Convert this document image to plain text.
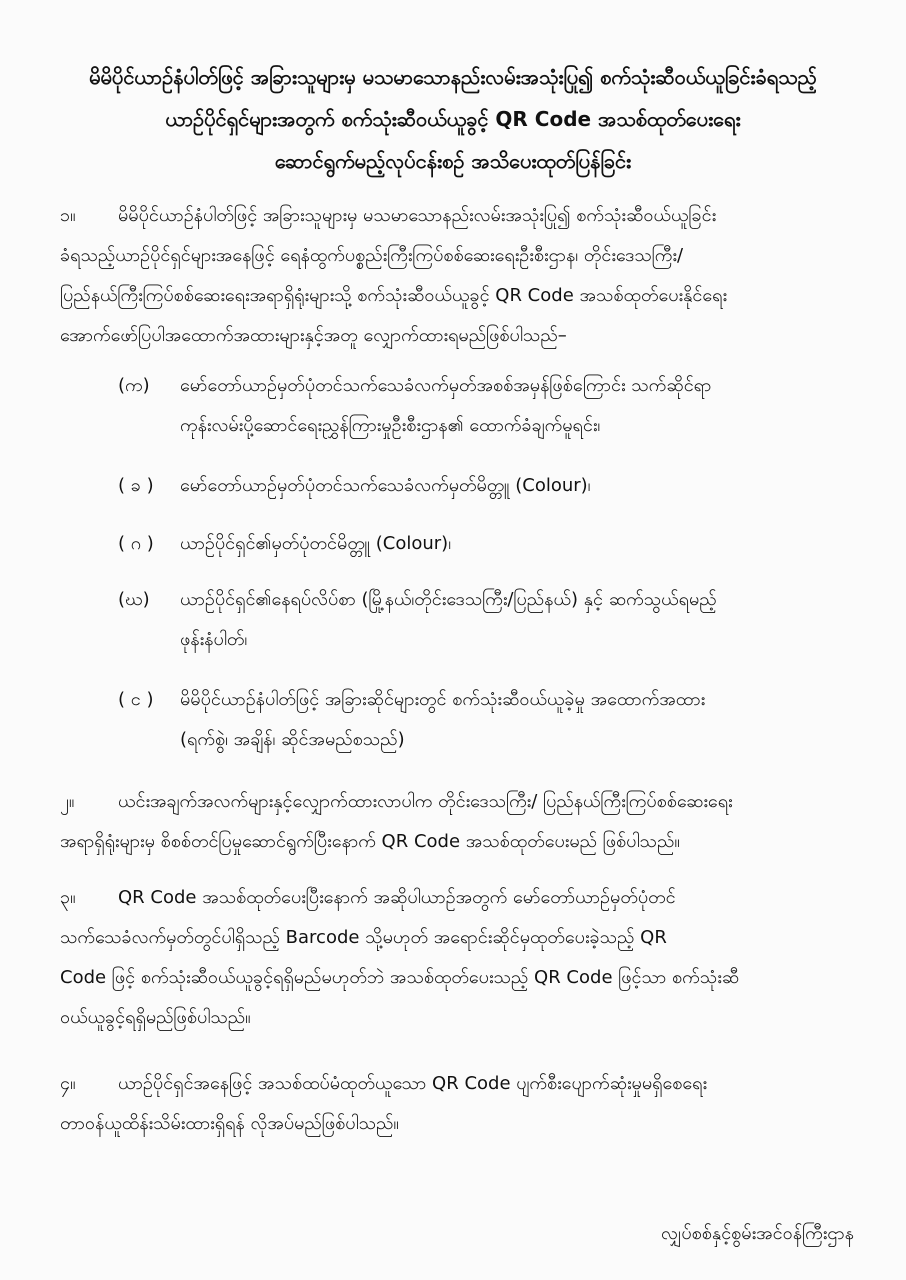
မိမိပိုင်ယာဉ်နံပါတ်ဖြင့် အခြားသူများမှ မသမာသောနည်းလမ်းအသုံးပြု၍ စက်သုံးဆီဝယ်ယူခြင်းခံရသည့်
ယာဉ်ပိုင်ရှင်များအတွက် စက်သုံးဆီဝယ်ယူခွင့် QR Code အသစ်ထုတ်ပေးရေး
ဆောင်ရွက်မည့်လုပ်ငန်းစဉ် အသိပေးထုတ်ပြန်ခြင်း
၁။ မိမိပိုင်ယာဉ်နံပါတ်ဖြင့် အခြားသူများမှ မသမာသောနည်းလမ်းအသုံးပြု၍ စက်သုံးဆီဝယ်ယူခြင်း
ခံရသည့်ယာဉ်ပိုင်ရှင်များအနေဖြင့် ရေနံထွက်ပစ္စည်းကြီးကြပ်စစ်ဆေးရေးဦးစီးဌာန၊ တိုင်းဒေသကြီး/
ပြည်နယ်ကြီးကြပ်စစ်ဆေးရေးအရာရှိရုံးများသို့ စက်သုံးဆီဝယ်ယူခွင့် QR Code အသစ်ထုတ်ပေးနိုင်ရေး
အောက်ဖော်ပြပါအထောက်အထားများနှင့်အတူ လျှောက်ထားရမည်ဖြစ်ပါသည်–
(က)	မော်တော်ယာဉ်မှတ်ပုံတင်သက်သေခံလက်မှတ်အစစ်အမှန်ဖြစ်ကြောင်း သက်ဆိုင်ရာ
ကုန်းလမ်းပို့ဆောင်ရေးညွှန်ကြားမှုဦးစီးဌာန၏ ထောက်ခံချက်မူရင်း၊
( ခ )	မော်တော်ယာဉ်မှတ်ပုံတင်သက်သေခံလက်မှတ်မိတ္တူ (Colour)၊
( ဂ )	ယာဉ်ပိုင်ရှင်၏မှတ်ပုံတင်မိတ္တူ (Colour)၊
(ဃ)	ယာဉ်ပိုင်ရှင်၏နေရပ်လိပ်စာ (မြို့နယ်၊တိုင်းဒေသကြီး/ပြည်နယ်) နှင့် ဆက်သွယ်ရမည့်
ဖုန်းနံပါတ်၊
( င )	မိမိပိုင်ယာဉ်နံပါတ်ဖြင့် အခြားဆိုင်များတွင် စက်သုံးဆီဝယ်ယူခဲ့မှု အထောက်အထား
(ရက်စွဲ၊ အချိန်၊ ဆိုင်အမည်စသည်)
၂။ ယင်းအချက်အလက်များနှင့်လျှောက်ထားလာပါက တိုင်းဒေသကြီး/ ပြည်နယ်ကြီးကြပ်စစ်ဆေးရေး
အရာရှိရုံးများမှ စိစစ်တင်ပြမှုဆောင်ရွက်ပြီးနောက် QR Code အသစ်ထုတ်ပေးမည် ဖြစ်ပါသည်။
၃။ QR Code အသစ်ထုတ်ပေးပြီးနောက် အဆိုပါယာဉ်အတွက် မော်တော်ယာဉ်မှတ်ပုံတင်
သက်သေခံလက်မှတ်တွင်ပါရှိသည့် Barcode သို့မဟုတ် အရောင်းဆိုင်မှထုတ်ပေးခဲ့သည့် QR
Code ဖြင့် စက်သုံးဆီဝယ်ယူခွင့်ရရှိမည်မဟုတ်ဘဲ အသစ်ထုတ်ပေးသည့် QR Code ဖြင့်သာ စက်သုံးဆီ
ဝယ်ယူခွင့်ရရှိမည်ဖြစ်ပါသည်။
၄။ ယာဉ်ပိုင်ရှင်အနေဖြင့် အသစ်ထပ်မံထုတ်ယူသော QR Code ပျက်စီးပျောက်ဆုံးမှုမရှိစေရေး
တာဝန်ယူထိန်းသိမ်းထားရှိရန် လိုအပ်မည်ဖြစ်ပါသည်။
လျှပ်စစ်နှင့်စွမ်းအင်ဝန်ကြီးဌာန
